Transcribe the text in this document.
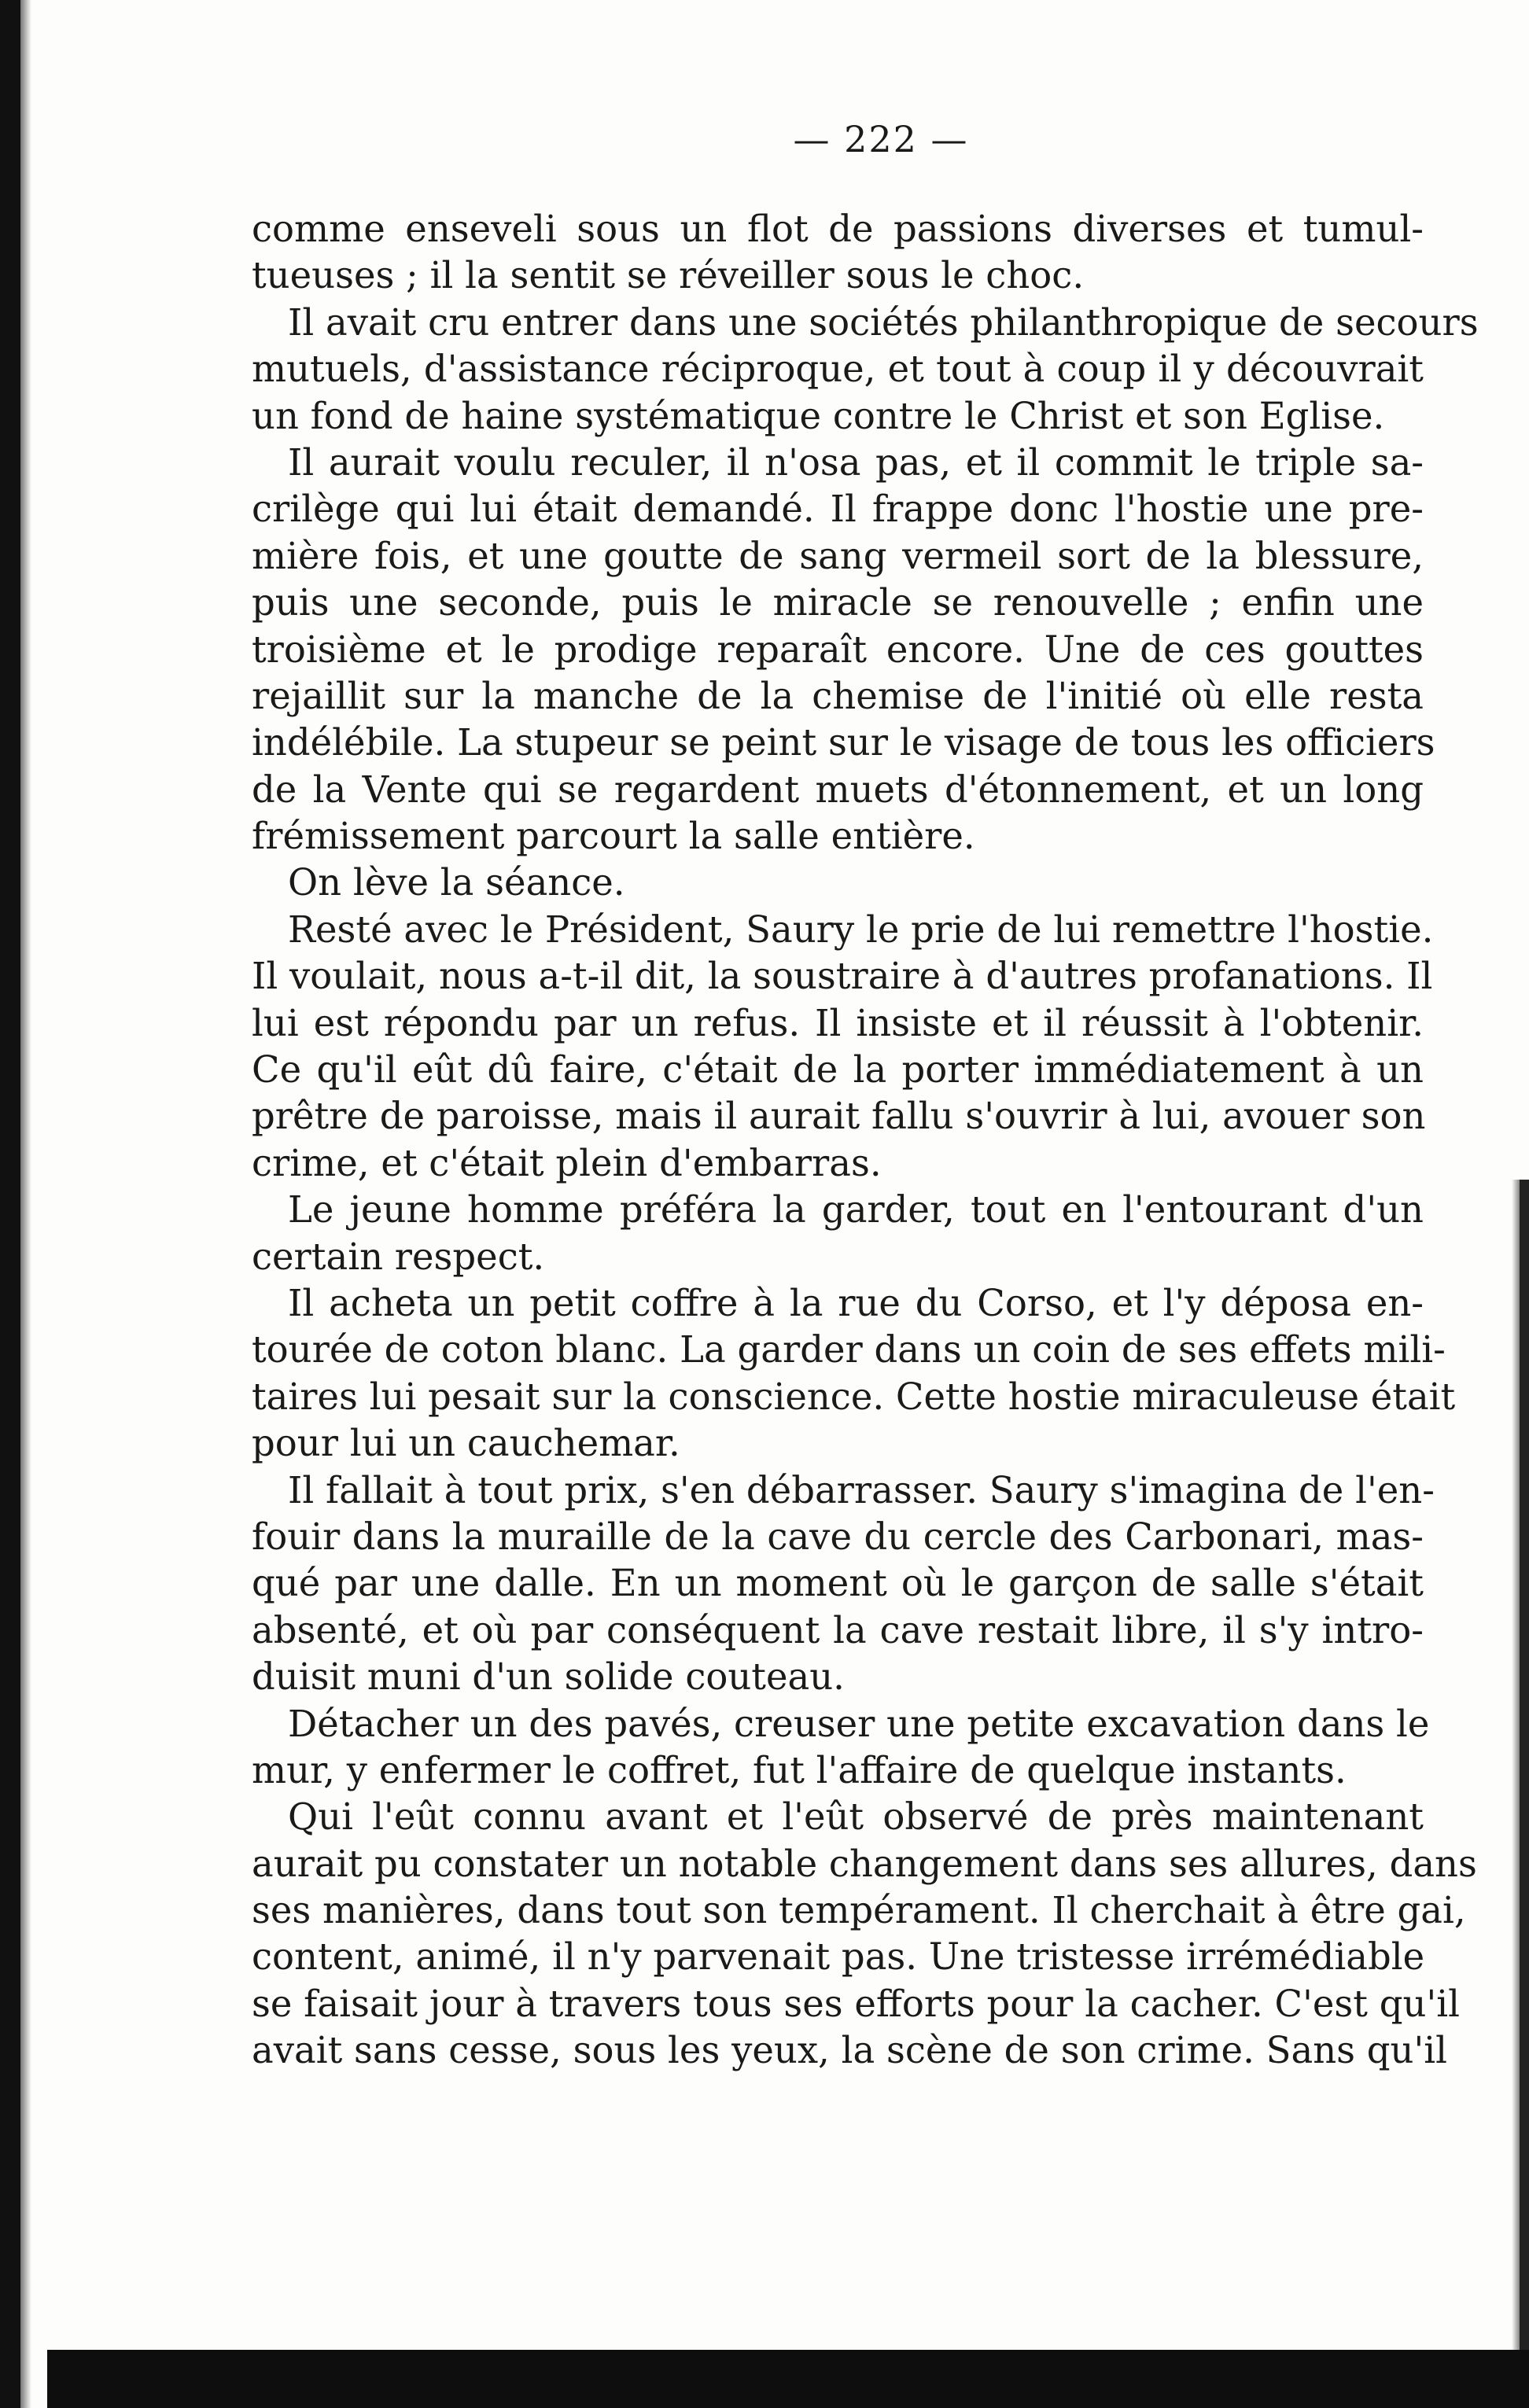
— 222 —
comme enseveli sous un flot de passions diverses et tumul-
tueuses ; il la sentit se réveiller sous le choc.
Il avait cru entrer dans une sociétés philanthropique de secours
mutuels, d'assistance réciproque, et tout à coup il y découvrait
un fond de haine systématique contre le Christ et son Eglise.
Il aurait voulu reculer, il n'osa pas, et il commit le triple sa-
crilège qui lui était demandé. Il frappe donc l'hostie une pre-
mière fois, et une goutte de sang vermeil sort de la blessure,
puis une seconde, puis le miracle se renouvelle ; enfin une
troisième et le prodige reparaît encore. Une de ces gouttes
rejaillit sur la manche de la chemise de l'initié où elle resta
indélébile. La stupeur se peint sur le visage de tous les officiers
de la Vente qui se regardent muets d'étonnement, et un long
frémissement parcourt la salle entière.
On lève la séance.
Resté avec le Président, Saury le prie de lui remettre l'hostie.
Il voulait, nous a-t-il dit, la soustraire à d'autres profanations. Il
lui est répondu par un refus. Il insiste et il réussit à l'obtenir.
Ce qu'il eût dû faire, c'était de la porter immédiatement à un
prêtre de paroisse, mais il aurait fallu s'ouvrir à lui, avouer son
crime, et c'était plein d'embarras.
Le jeune homme préféra la garder, tout en l'entourant d'un
certain respect.
Il acheta un petit coffre à la rue du Corso, et l'y déposa en-
tourée de coton blanc. La garder dans un coin de ses effets mili-
taires lui pesait sur la conscience. Cette hostie miraculeuse était
pour lui un cauchemar.
Il fallait à tout prix, s'en débarrasser. Saury s'imagina de l'en-
fouir dans la muraille de la cave du cercle des Carbonari, mas-
qué par une dalle. En un moment où le garçon de salle s'était
absenté, et où par conséquent la cave restait libre, il s'y intro-
duisit muni d'un solide couteau.
Détacher un des pavés, creuser une petite excavation dans le
mur, y enfermer le coffret, fut l'affaire de quelque instants.
Qui l'eût connu avant et l'eût observé de près maintenant
aurait pu constater un notable changement dans ses allures, dans
ses manières, dans tout son tempérament. Il cherchait à être gai,
content, animé, il n'y parvenait pas. Une tristesse irrémédiable
se faisait jour à travers tous ses efforts pour la cacher. C'est qu'il
avait sans cesse, sous les yeux, la scène de son crime. Sans qu'il
